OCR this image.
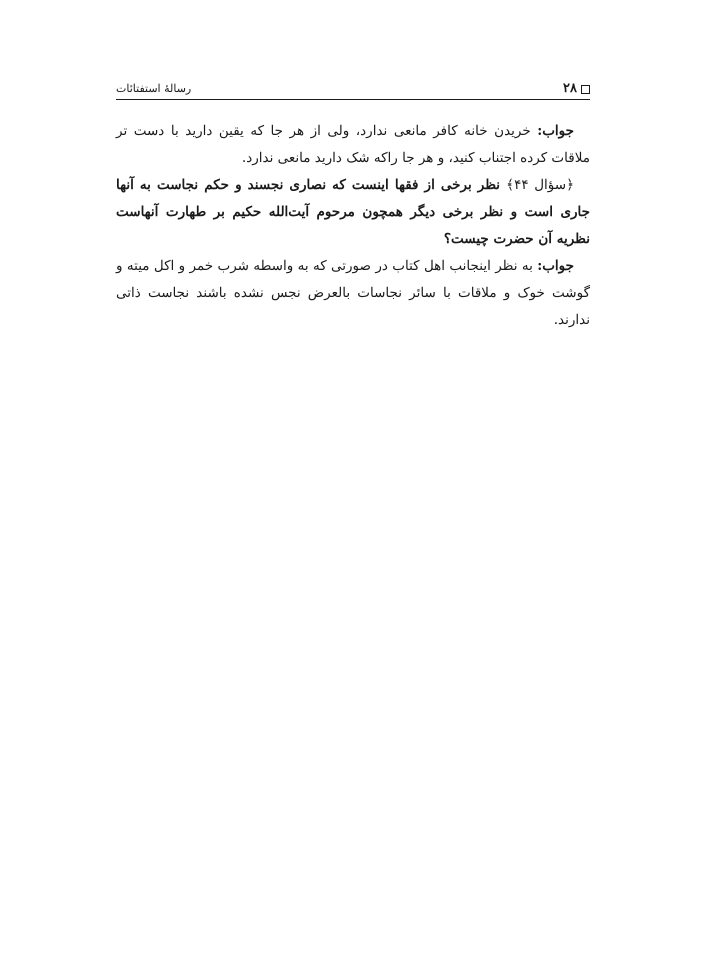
۲۸
رسالهٔ استفتائات

جواب: خریدن خانه کافر مانعی ندارد، ولی از هر جا که یقین دارید با دست تر ملاقات کرده اجتناب کنید، و هر جا راکه شک دارید مانعی ندارد.

﴿سؤال ۴۴﴾ نظر برخی از فقها اینست که نصاری نجسند و حکم نجاست به آنها جاری است و نظر برخی دیگر همچون مرحوم آیت‌الله حکیم بر طهارت آنهاست نظریه آن حضرت چیست؟

جواب: به نظر اینجانب اهل کتاب در صورتی که به واسطه شرب خمر و اکل میته و گوشت خوک و ملاقات با سائر نجاسات بالعرض نجس نشده باشند نجاست ذاتی ندارند.
